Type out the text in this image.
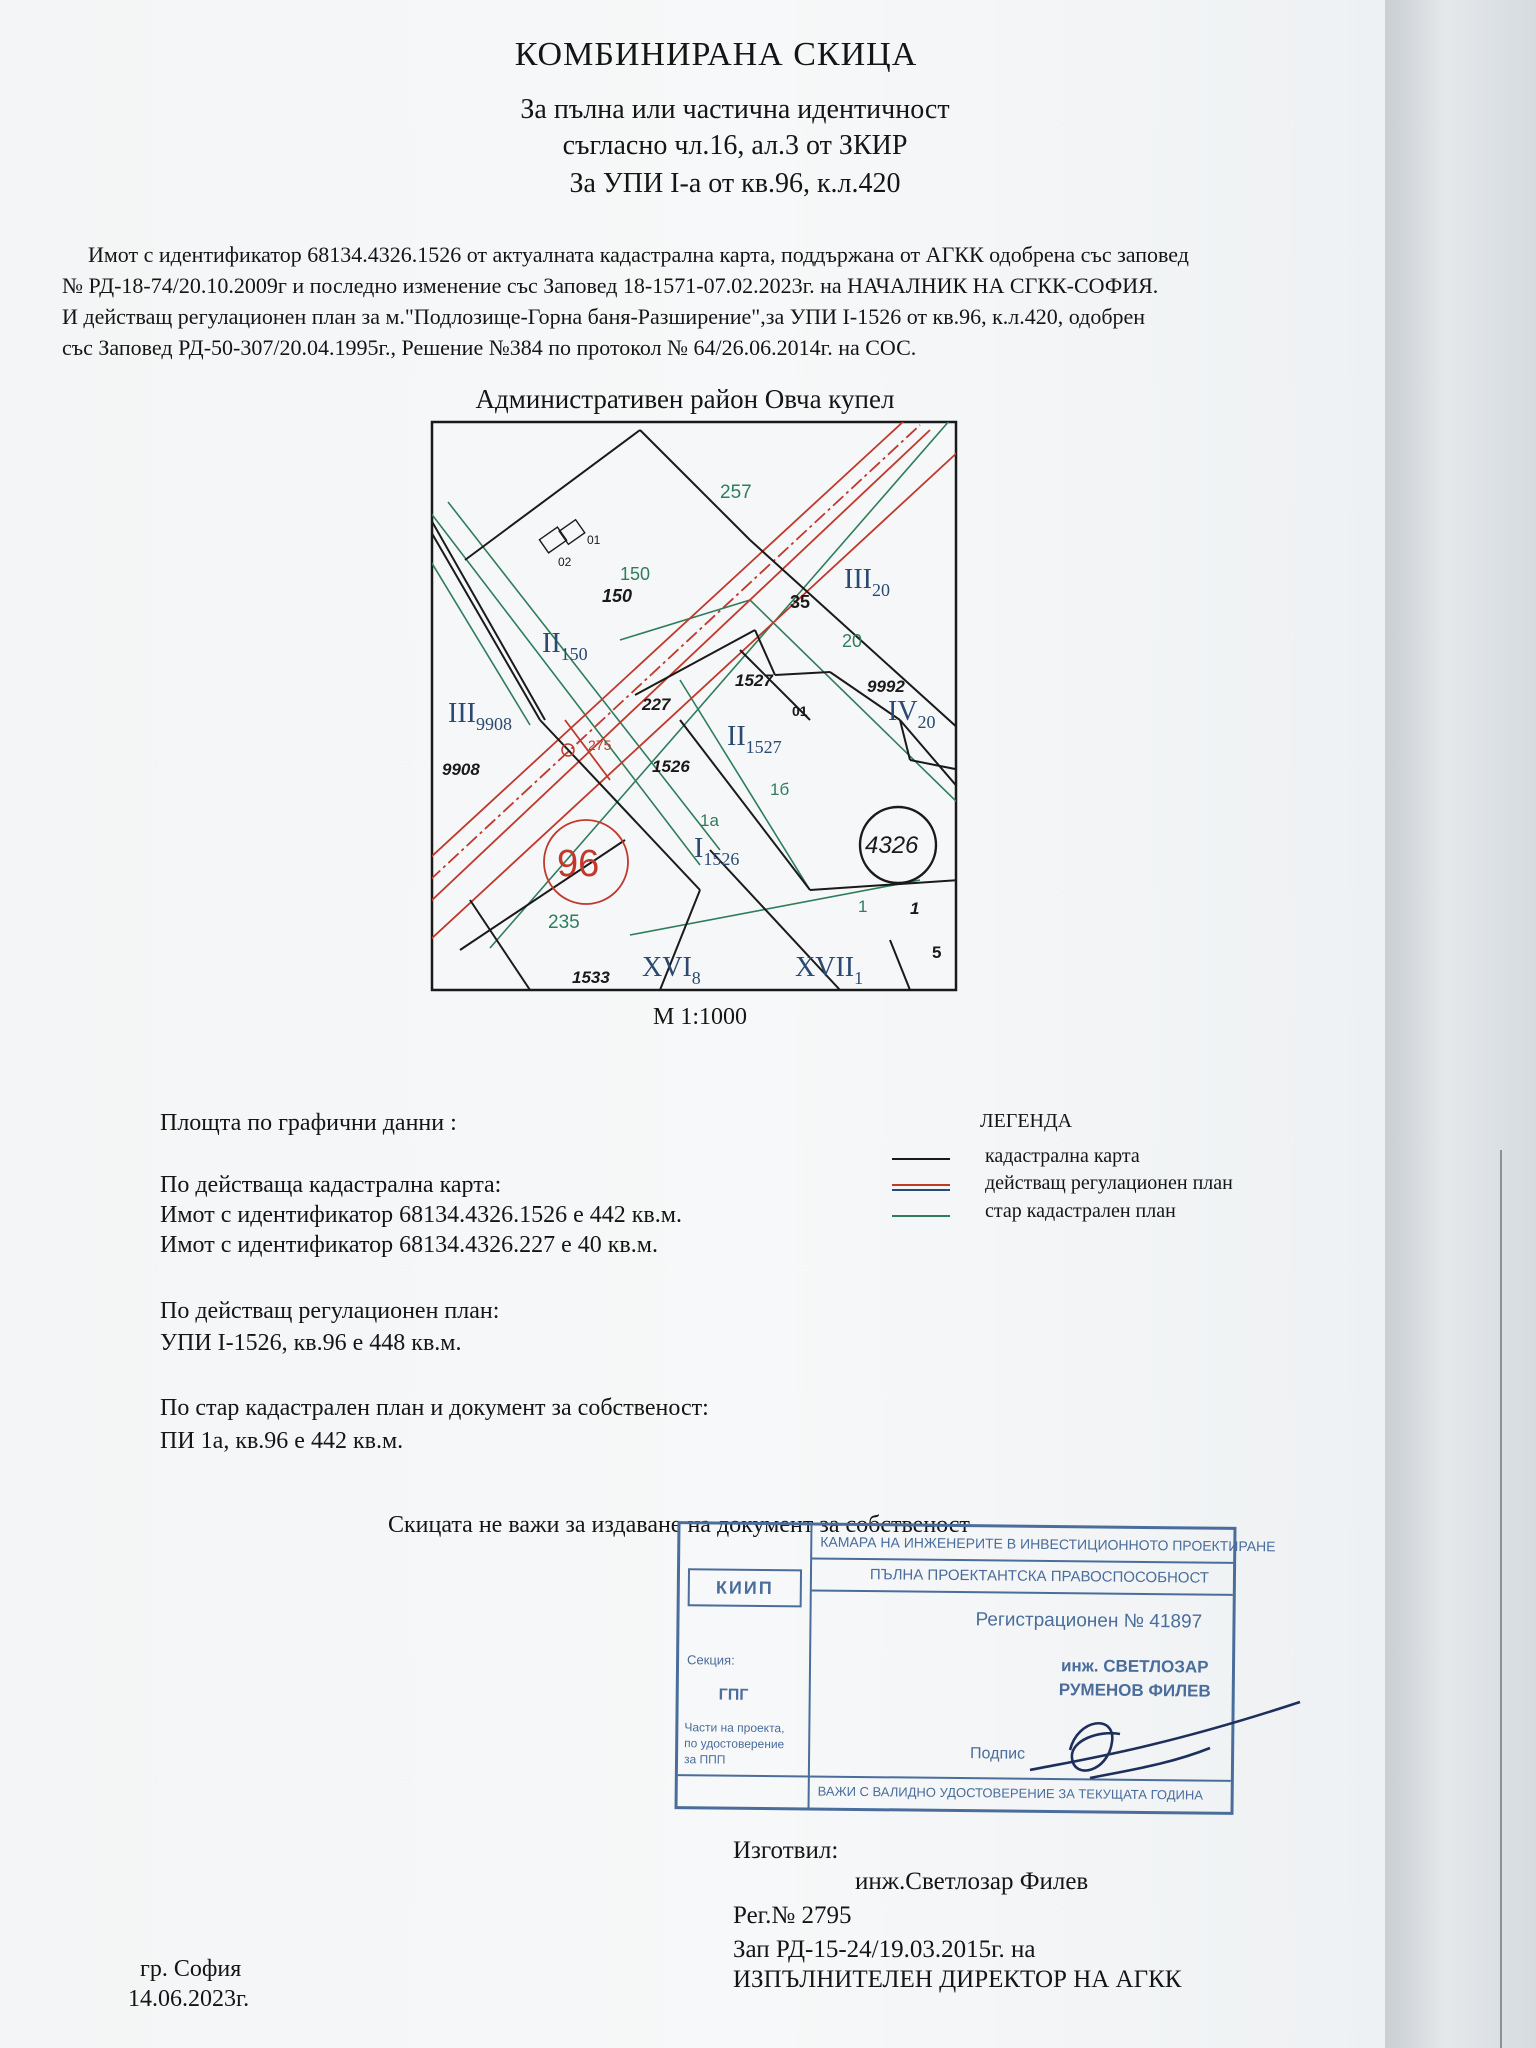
КОМБИНИРАНА СКИЦА
За пълна или частична идентичност
съгласно чл.16, ал.3 от ЗКИР
За УПИ I-a от кв.96, к.л.420
Имот с идентификатор 68134.4326.1526 от актуалната кадастрална карта, поддържана от АГКК одобрена със заповед
№ РД-18-74/20.10.2009г и последно изменение със Заповед 18-1571-07.02.2023г. на НАЧАЛНИК НА СГКК-СОФИЯ.
И действащ регулационен план за м."Подлозище-Горна баня-Разширение",за УПИ I-1526 от кв.96, к.л.420, одобрен
със Заповед РД-50-307/20.04.1995г., Решение №384 по протокол № 64/26.06.2014г. на СОС.
Административен район Овча купел
257
150
150	35
20
1527	9992
01
02
01
227
9908	1526
275
1a
1б
4326
96
235
1	1
5
1533
$III_{20}$
$II_{150}$
$III_{9908}$	$IV_{20}$
$II_{1527}$
$I_{1526}$
$XVI_8$	$XVII_1$
М 1:1000
Площта по графични данни :
По действаща кадастрална карта:
Имот с идентификатор 68134.4326.1526 е 442 кв.м.
Имот с идентификатор 68134.4326.227 е 40 кв.м.
По действащ регулационен план:
УПИ I-1526, кв.96 е 448 кв.м.
По стар кадастрален план и документ за собственост:
ПИ 1а, кв.96 е 442 кв.м.
ЛЕГЕНДА
кадастрална карта
действащ регулационен план
стар кадастрален план
Скицата не важи за издаване на документ за собственост
КАМАРА НА ИНЖЕНЕРИТЕ В ИНВЕСТИЦИОННОТО ПРОЕКТИРАНЕ
ПЪЛНА ПРОЕКТАНТСКА ПРАВОСПОСОБНОСТ
Регистрационен № 41897
инж. СВЕТЛОЗАР
РУМЕНОВ ФИЛЕВ
Подпис
ВАЖИ С ВАЛИДНО УДОСТОВЕРЕНИЕ ЗА ТЕКУЩАТА ГОДИНА
КИИП
Секция:
ГПГ
Части на проекта,
по удостоверение
за ППП
Изготвил:
инж.Светлозар Филев
Рег.№ 2795
Зап РД-15-24/19.03.2015г. на
ИЗПЪЛНИТЕЛЕН ДИРЕКТОР НА АГКК
гр. София
14.06.2023г.
